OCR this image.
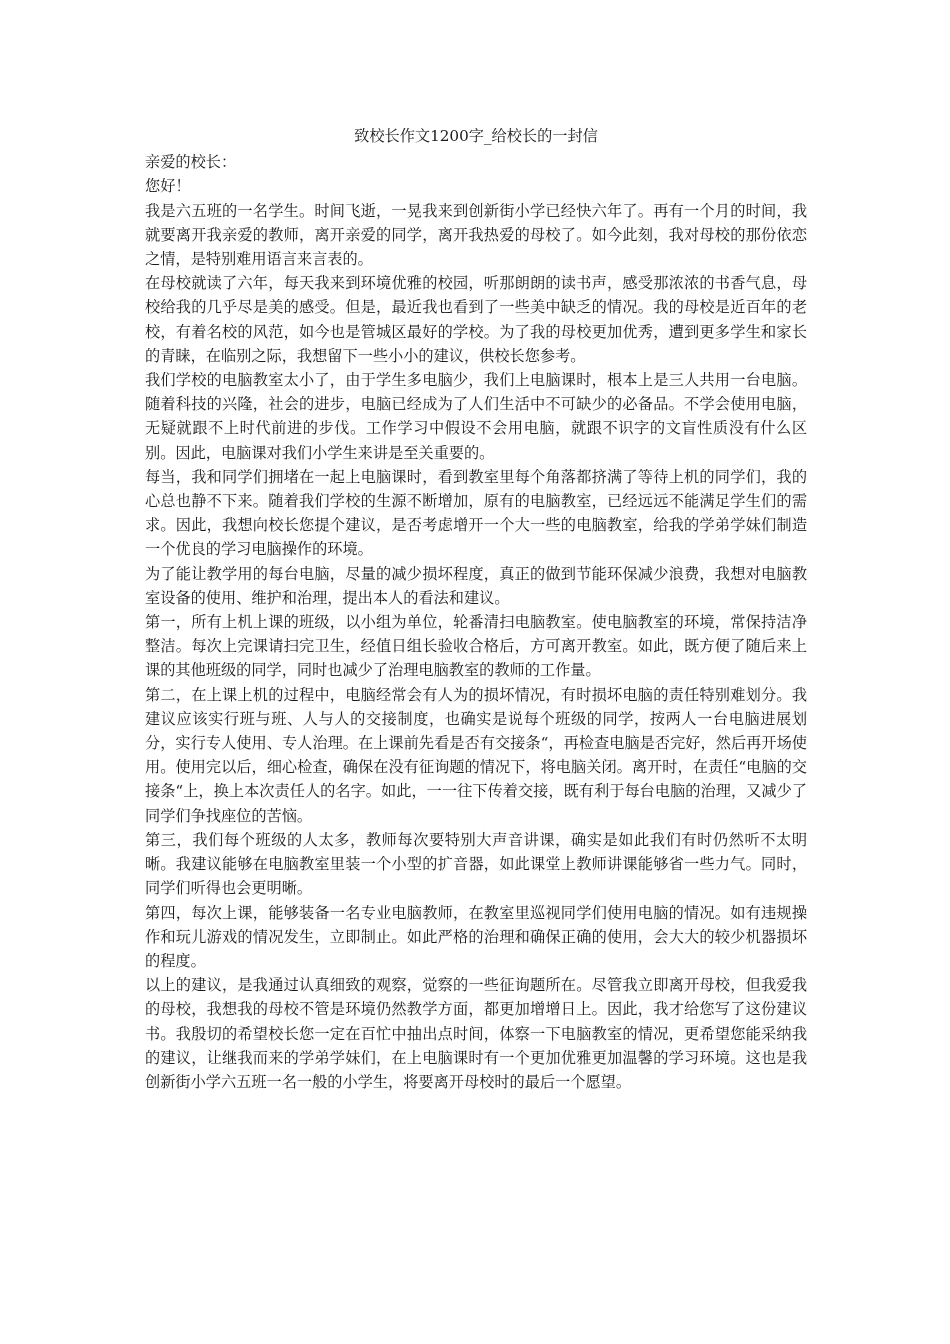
致校长作文1200字_给校长的一封信
亲爱的校长：
您好！

我是六五班的一名学生。时间飞逝，一晃我来到创新街小学已经快六年了。再有一个月的时间，我就要离开我亲爱的教师，离开亲爱的同学，离开我热爱的母校了。如今此刻，我对母校的那份依恋之情，是特别难用语言来言表的。

在母校就读了六年，每天我来到环境优雅的校园，听那朗朗的读书声，感受那浓浓的书香气息，母校给我的几乎尽是美的感受。但是，最近我也看到了一些美中缺乏的情况。我的母校是近百年的老校，有着名校的风范，如今也是管城区最好的学校。为了我的母校更加优秀，遭到更多学生和家长的青睐，在临别之际，我想留下一些小小的建议，供校长您参考。

我们学校的电脑教室太小了，由于学生多电脑少，我们上电脑课时，根本上是三人共用一台电脑。随着科技的兴隆，社会的进步，电脑已经成为了人们生活中不可缺少的必备品。不学会使用电脑，无疑就跟不上时代前进的步伐。工作学习中假设不会用电脑，就跟不识字的文盲性质没有什么区别。因此，电脑课对我们小学生来讲是至关重要的。

每当，我和同学们拥堵在一起上电脑课时，看到教室里每个角落都挤满了等待上机的同学们，我的心总也静不下来。随着我们学校的生源不断增加，原有的电脑教室，已经远远不能满足学生们的需求。因此，我想向校长您提个建议，是否考虑增开一个大一些的电脑教室，给我的学弟学妹们制造一个优良的学习电脑操作的环境。

为了能让教学用的每台电脑，尽量的减少损坏程度，真正的做到节能环保减少浪费，我想对电脑教室设备的使用、维护和治理，提出本人的看法和建议。

第一，所有上机上课的班级，以小组为单位，轮番清扫电脑教室。使电脑教室的环境，常保持洁净整洁。每次上完课请扫完卫生，经值日组长验收合格后，方可离开教室。如此，既方便了随后来上课的其他班级的同学，同时也减少了治理电脑教室的教师的工作量。

第二，在上课上机的过程中，电脑经常会有人为的损坏情况，有时损坏电脑的责任特别难划分。我建议应该实行班与班、人与人的交接制度，也确实是说每个班级的同学，按两人一台电脑进展划分，实行专人使用、专人治理。在上课前先看是否有交接条“，再检查电脑是否完好，然后再开场使用。使用完以后，细心检查，确保在没有征询题的情况下，将电脑关闭。离开时，在责任“电脑的交接条“上，换上本次责任人的名字。如此，一一往下传着交接，既有利于每台电脑的治理，又减少了同学们争找座位的苦恼。

第三，我们每个班级的人太多，教师每次要特别大声音讲课，确实是如此我们有时仍然听不太明晰。我建议能够在电脑教室里装一个小型的扩音器，如此课堂上教师讲课能够省一些力气。同时，同学们听得也会更明晰。

第四，每次上课，能够装备一名专业电脑教师，在教室里巡视同学们使用电脑的情况。如有违规操作和玩儿游戏的情况发生，立即制止。如此严格的治理和确保正确的使用，会大大的较少机器损坏的程度。

以上的建议，是我通过认真细致的观察，觉察的一些征询题所在。尽管我立即离开母校，但我爱我的母校，我想我的母校不管是环境仍然教学方面，都更加增增日上。因此，我才给您写了这份建议书。我殷切的希望校长您一定在百忙中抽出点时间，体察一下电脑教室的情况，更希望您能采纳我的建议，让继我而来的学弟学妹们，在上电脑课时有一个更加优雅更加温馨的学习环境。这也是我创新街小学六五班一名一般的小学生，将要离开母校时的最后一个愿望。
